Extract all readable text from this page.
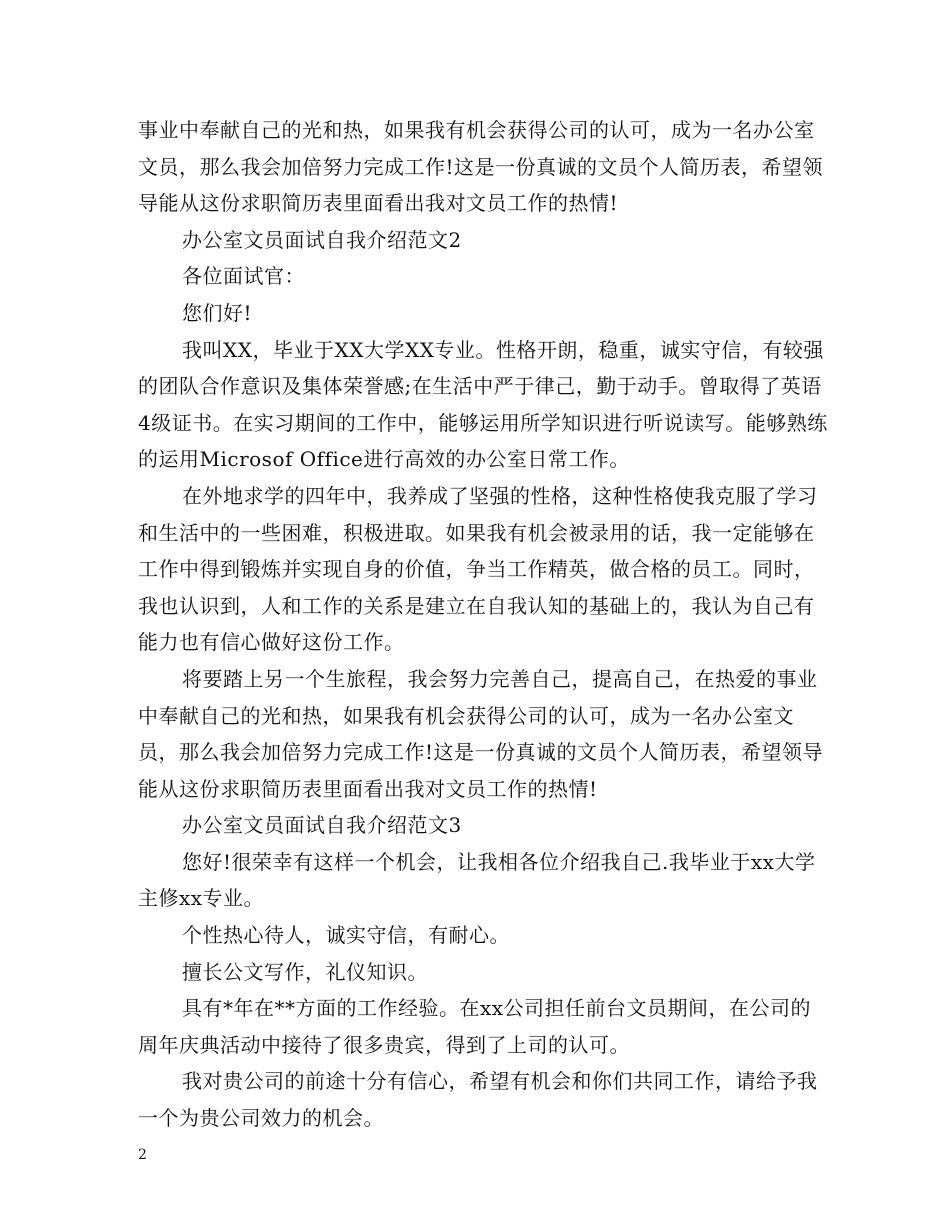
事业中奉献自己的光和热，如果我有机会获得公司的认可，成为一名办公室文员，那么我会加倍努力完成工作!这是一份真诚的文员个人简历表，希望领导能从这份求职简历表里面看出我对文员工作的热情!

办公室文员面试自我介绍范文2

各位面试官：

您们好!

我叫XX，毕业于XX大学XX专业。性格开朗，稳重，诚实守信，有较强的团队合作意识及集体荣誉感;在生活中严于律己，勤于动手。曾取得了英语4级证书。在实习期间的工作中，能够运用所学知识进行听说读写。能够熟练的运用Microsof Office进行高效的办公室日常工作。

在外地求学的四年中，我养成了坚强的性格，这种性格使我克服了学习和生活中的一些困难，积极进取。如果我有机会被录用的话，我一定能够在工作中得到锻炼并实现自身的价值，争当工作精英，做合格的员工。同时，我也认识到，人和工作的关系是建立在自我认知的基础上的，我认为自己有能力也有信心做好这份工作。

将要踏上另一个生旅程，我会努力完善自己，提高自己，在热爱的事业中奉献自己的光和热，如果我有机会获得公司的认可，成为一名办公室文员，那么我会加倍努力完成工作!这是一份真诚的文员个人简历表，希望领导能从这份求职简历表里面看出我对文员工作的热情!

办公室文员面试自我介绍范文3

您好!很荣幸有这样一个机会，让我相各位介绍我自己.我毕业于xx大学主修xx专业。

个性热心待人，诚实守信，有耐心。

擅长公文写作，礼仪知识。

具有*年在**方面的工作经验。在xx公司担任前台文员期间，在公司的周年庆典活动中接待了很多贵宾，得到了上司的认可。

我对贵公司的前途十分有信心，希望有机会和你们共同工作，请给予我一个为贵公司效力的机会。

2
